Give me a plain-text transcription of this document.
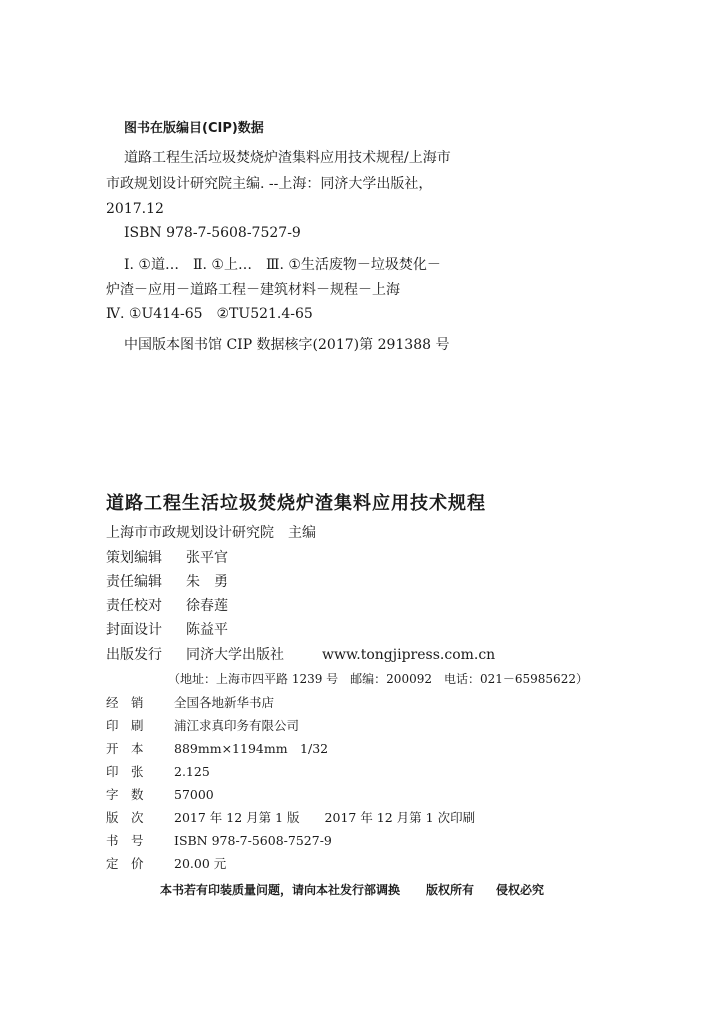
图书在版编目(CIP)数据
道路工程生活垃圾焚烧炉渣集料应用技术规程/上海市
市政规划设计研究院主编. --上海：同济大学出版社，
2017.12
ISBN 978-7-5608-7527-9
Ⅰ. ①道…　Ⅱ. ①上…　Ⅲ. ①生活废物－垃圾焚化－
炉渣－应用－道路工程－建筑材料－规程－上海
Ⅳ. ①U414-65　②TU521.4-65
中国版本图书馆 CIP 数据核字(2017)第 291388 号
道路工程生活垃圾焚烧炉渣集料应用技术规程
上海市市政规划设计研究院　主编
策划编辑 张平官
责任编辑 朱　勇
责任校对 徐春莲
封面设计 陈益平
出版发行 同济大学出版社	www.tongjipress.com.cn
（地址：上海市四平路 1239 号　邮编：200092　电话：021－65985622）
经　销 全国各地新华书店
印　刷 浦江求真印务有限公司
开　本 889mm×1194mm　1/32
印　张 2.125
字　数 57000
版　次 2017 年 12 月第 1 版　　2017 年 12 月第 1 次印刷
书　号 ISBN 978-7-5608-7527-9
定　价 20.00 元
本书若有印装质量问题，请向本社发行部调换 版权所有 侵权必究
